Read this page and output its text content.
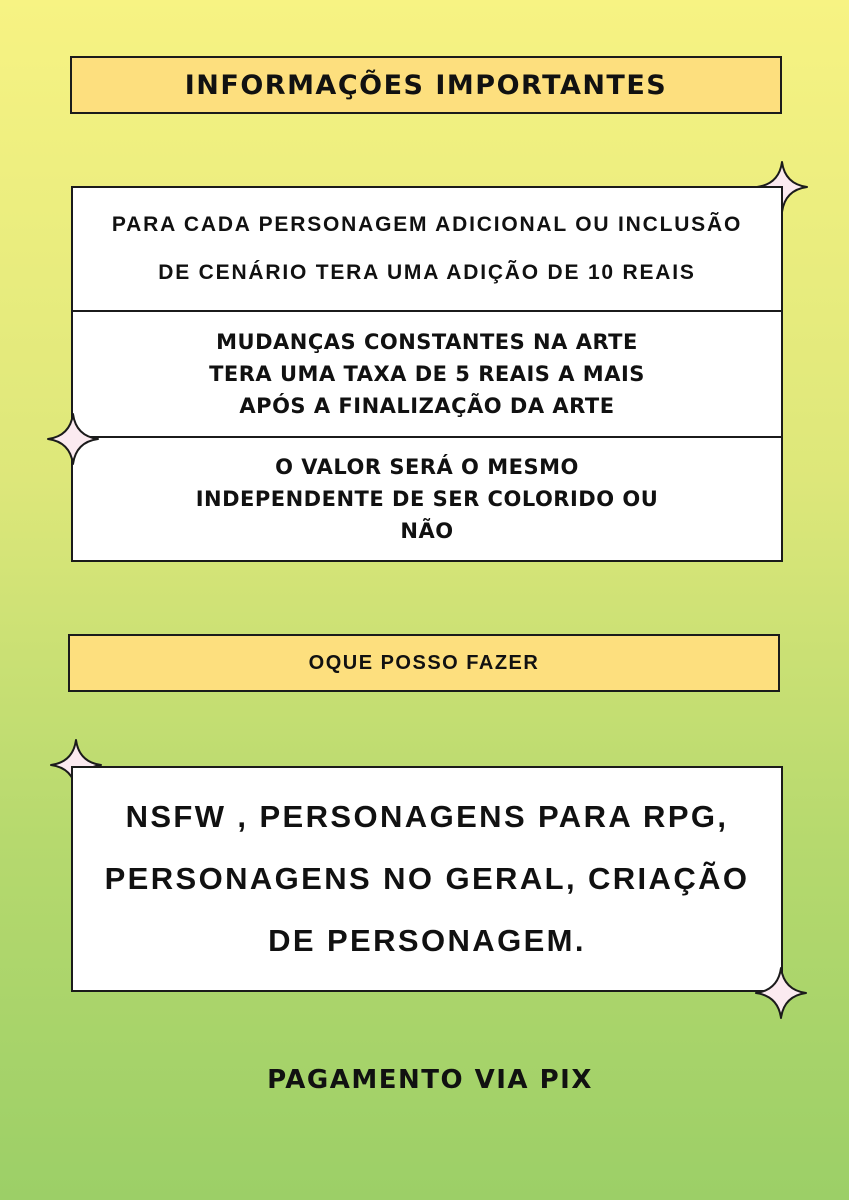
INFORMAÇÕES IMPORTANTES
PARA CADA PERSONAGEM ADICIONAL OU INCLUSÃO
DE CENÁRIO TERA UMA ADIÇÃO DE 10 REAIS
MUDANÇAS CONSTANTES NA ARTE
TERA UMA TAXA DE 5 REAIS A MAIS
APÓS A FINALIZAÇÃO DA ARTE
O VALOR SERÁ O MESMO
INDEPENDENTE DE SER COLORIDO OU
NÃO
OQUE POSSO FAZER
NSFW , PERSONAGENS PARA RPG,
PERSONAGENS NO GERAL, CRIAÇÃO
DE PERSONAGEM.
PAGAMENTO VIA PIX
